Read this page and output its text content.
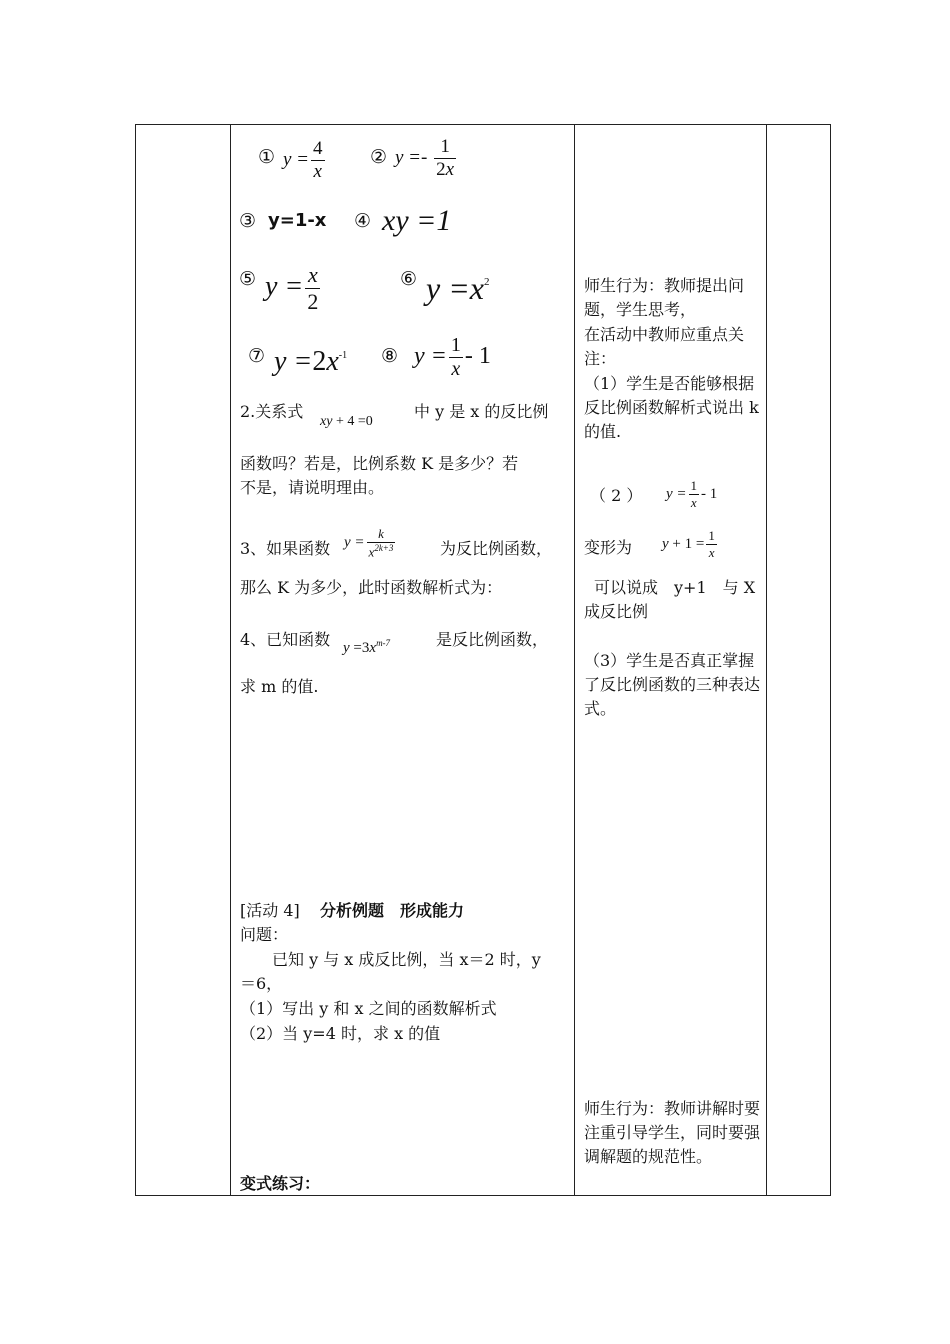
① $y = \frac{4}{x}$ ② $y =- \frac{1}{2x}$
③ y=1-x ④ xy =1
⑤ $y = \frac{x}{2}$	⑥ $y =x^2$
⑦ $y =2x^{-1}$ ⑧ $y = \frac{1}{x} - 1$
2.关系式
xy + 4 =0
中 y 是 x 的反比例
函数吗？若是，比例系数 K 是多少？若
不是，请说明理由。
3、如果函数 $y = \frac{k}{x^{2k+3}}$	为反比例函数，
那么 K 为多少，此时函数解析式为：
4、已知函数 $y =3x^{m-7}$	是反比例函数，
求 m 的值.
[活动 4] 分析例题　形成能力
问题：
　　已知 y 与 x 成反比例，当 x＝2 时，y
＝6，
（1）写出 y 和 x 之间的函数解析式
（2）当 y=4 时，求 x 的值
变式练习：
师生行为：教师提出问题，学生思考，
在活动中教师应重点关注：
（1）学生是否能够根据反比例函数解析式说出 k 的值.
（ 2 ） $y = \frac{1}{x} - 1$
变形为 $y + 1 = \frac{1}{x}$
可以说成　y+1　与 X 成反比例
（3）学生是否真正掌握了反比例函数的三种表达式。
师生行为：教师讲解时要注重引导学生，同时要强调解题的规范性。
